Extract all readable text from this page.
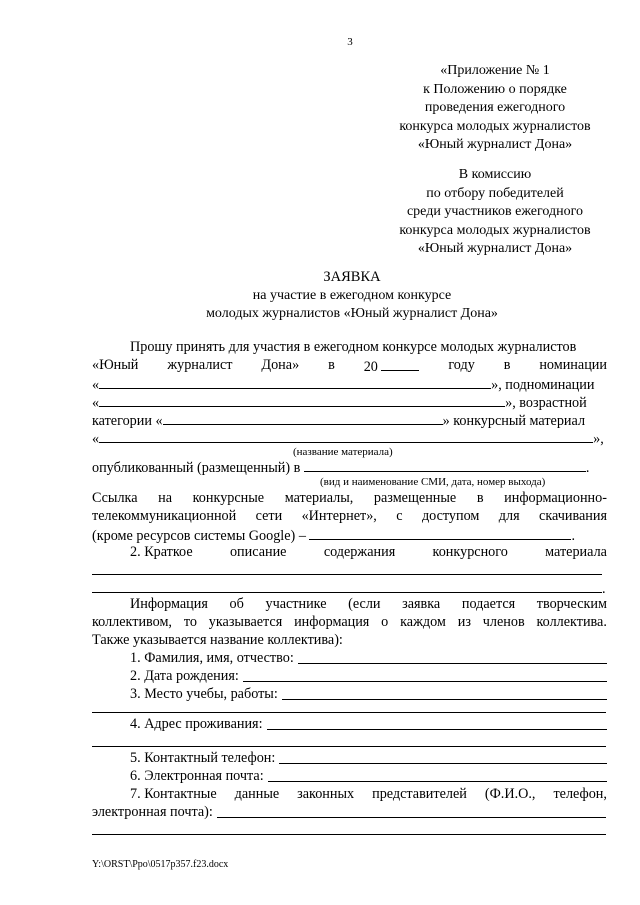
3
«Приложение № 1
к Положению о порядке
проведения ежегодного
конкурса молодых журналистов
«Юный журналист Дона»
В комиссию
по отбору победителей
среди участников ежегодного
конкурса молодых журналистов
«Юный журналист Дона»
ЗАЯВКА
на участие в ежегодном конкурсе
молодых журналистов «Юный журналист Дона»
Прошу принять для участия в ежегодном конкурсе молодых журналистов
«Юный журналист Дона» в 20	году в номинации
«	», подноминации
«	», возрастной
категории «	» конкурсный материал
«	»,
(название материала)
опубликованный (размещенный) в	.
(вид и наименование СМИ, дата, номер выхода)
Ссылка на конкурсные материалы, размещенные в информационно-
телекоммуникационной сети «Интернет», с доступом для скачивания
(кроме ресурсов системы Google) –	.
2. Краткое	описание	содержания	конкурсного	материала
.
Информация об участнике (если заявка подается творческим
коллективом, то указывается информация о каждом из членов коллектива.
Также указывается название коллектива):
1. Фамилия, имя, отчество:
2. Дата рождения:
3. Место учебы, работы:
4. Адрес проживания:
5. Контактный телефон:
6. Электронная почта:
7. Контактные данные законных представителей (Ф.И.О., телефон,
электронная почта):
Y:\ORST\Ppo\0517p357.f23.docx
